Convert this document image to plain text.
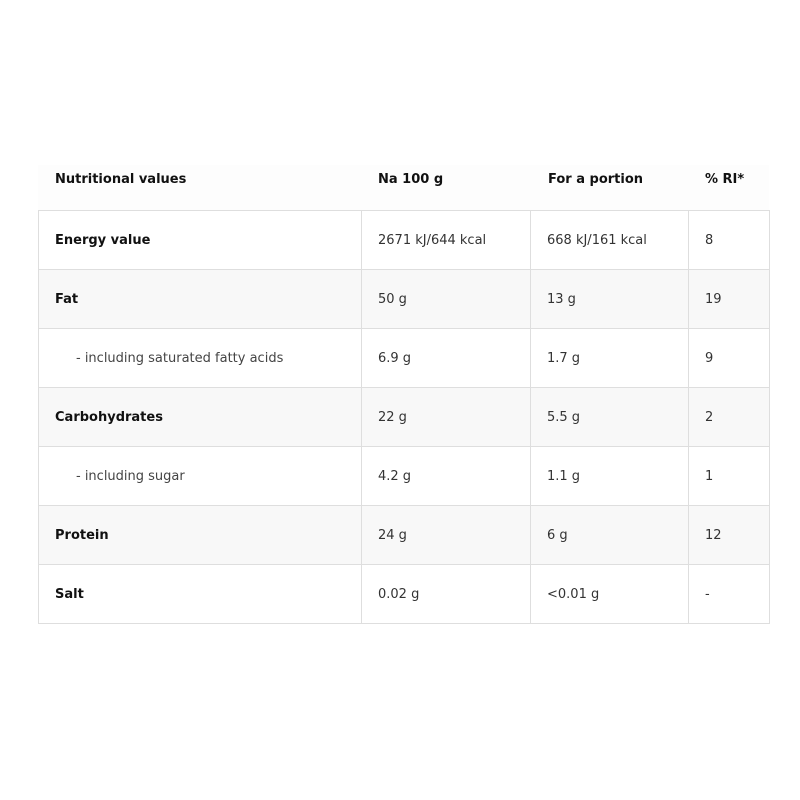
Nutritional values	Na 100 g	For a portion	% RI*
Energy value	2671 kJ/644 kcal	668 kJ/161 kcal	8
Fat	50 g	13 g	19
- including saturated fatty acids	6.9 g	1.7 g	9
Carbohydrates	22 g	5.5 g	2
- including sugar	4.2 g	1.1 g	1
Protein	24 g	6 g	12
Salt	0.02 g	<0.01 g	-
